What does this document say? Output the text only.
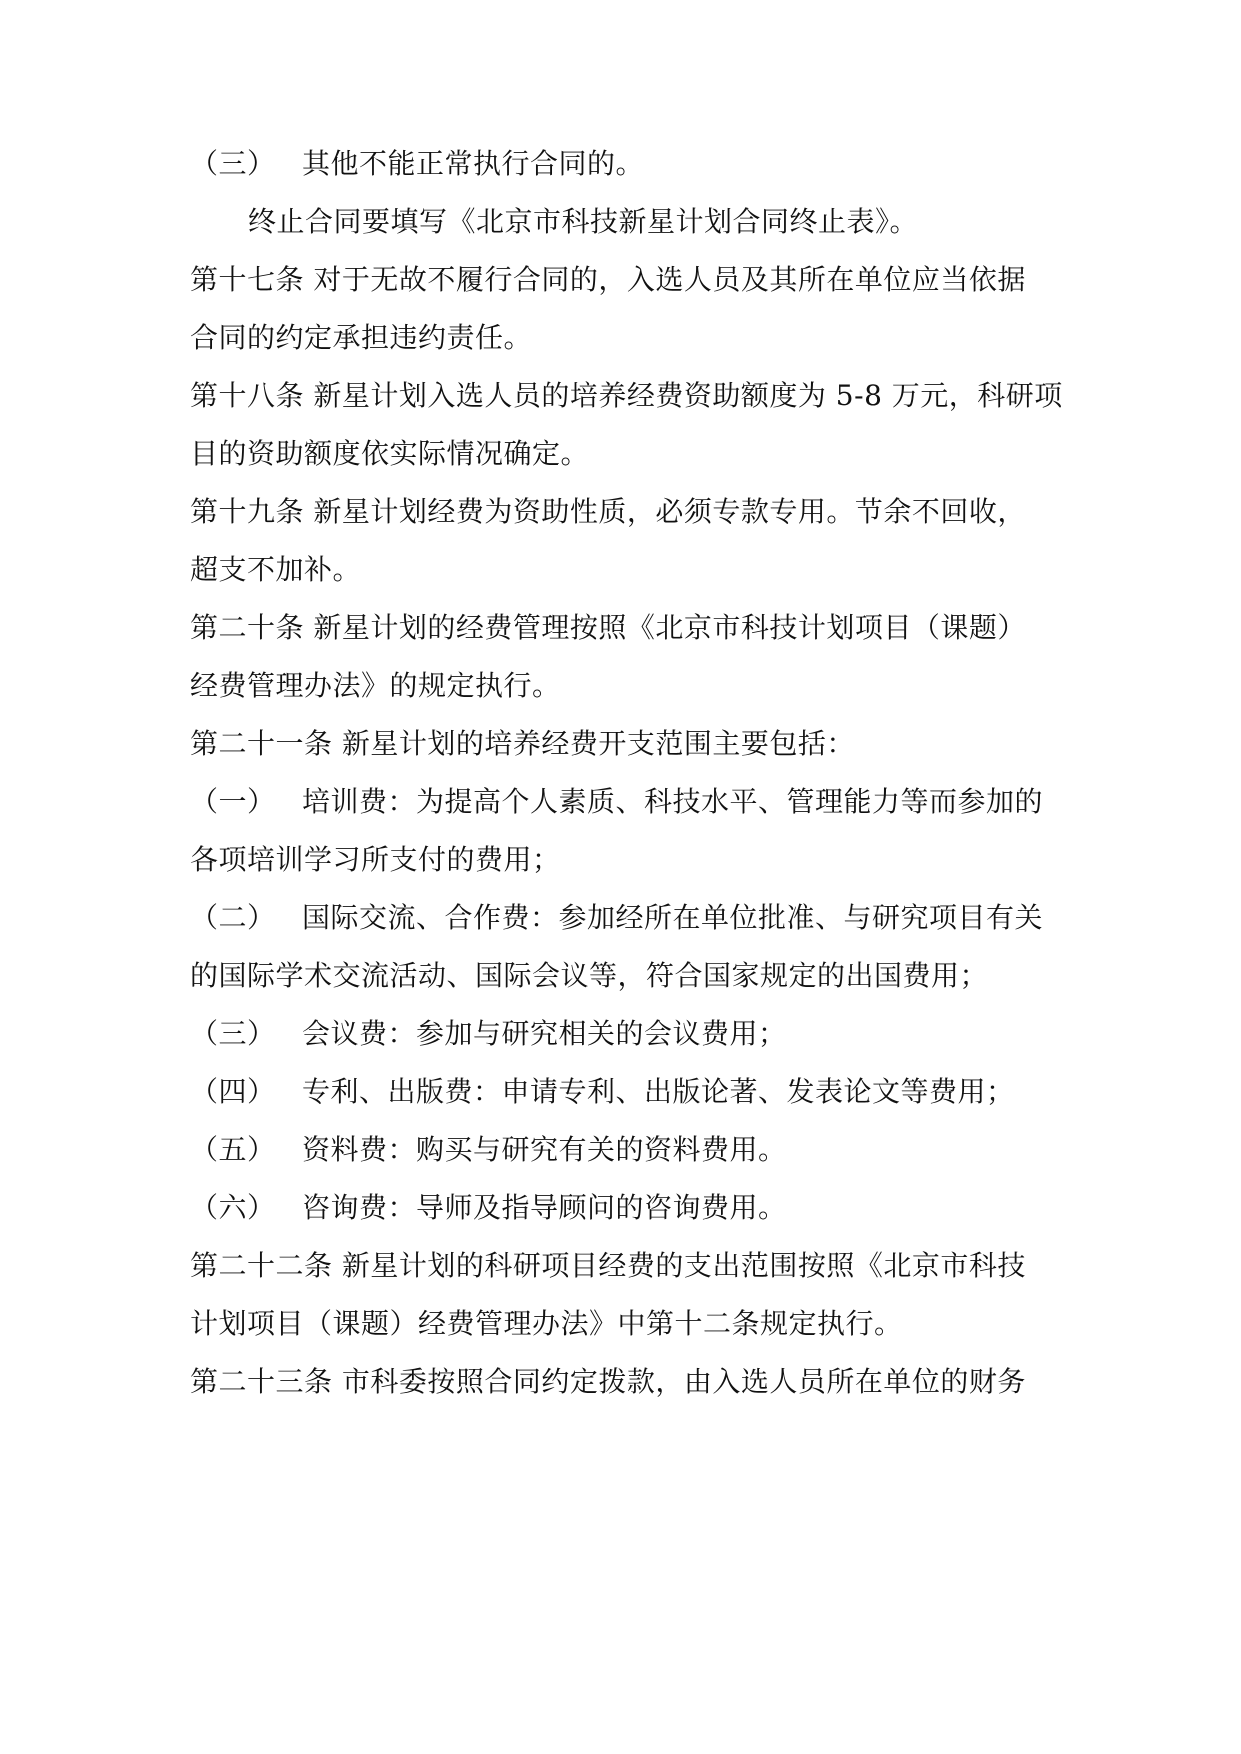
（三） 其他不能正常执行合同的。
终止合同要填写《北京市科技新星计划合同终止表》。
第十七条 对于无故不履行合同的，入选人员及其所在单位应当依据
合同的约定承担违约责任。
第十八条 新星计划入选人员的培养经费资助额度为 5-8 万元，科研项
目的资助额度依实际情况确定。
第十九条 新星计划经费为资助性质，必须专款专用。节余不回收，
超支不加补。
第二十条 新星计划的经费管理按照《北京市科技计划项目（课题）
经费管理办法》的规定执行。
第二十一条 新星计划的培养经费开支范围主要包括：
（一） 培训费：为提高个人素质、科技水平、管理能力等而参加的
各项培训学习所支付的费用；
（二） 国际交流、合作费：参加经所在单位批准、与研究项目有关
的国际学术交流活动、国际会议等，符合国家规定的出国费用；
（三） 会议费：参加与研究相关的会议费用；
（四） 专利、出版费：申请专利、出版论著、发表论文等费用；
（五） 资料费：购买与研究有关的资料费用。
（六） 咨询费：导师及指导顾问的咨询费用。
第二十二条 新星计划的科研项目经费的支出范围按照《北京市科技
计划项目（课题）经费管理办法》中第十二条规定执行。
第二十三条 市科委按照合同约定拨款，由入选人员所在单位的财务
